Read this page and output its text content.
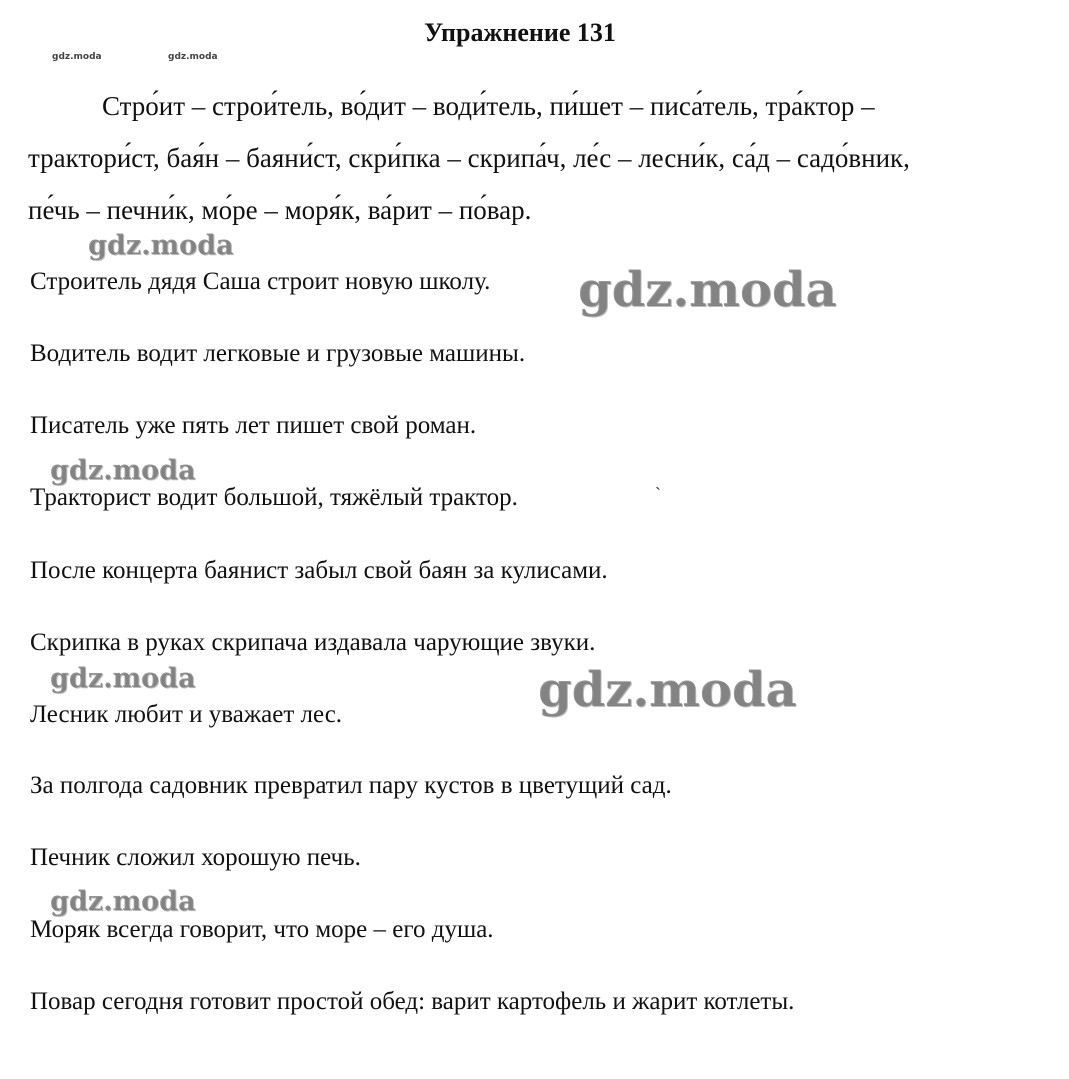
Упражнение 131
gdz.moda	gdz.moda
Стро́ит – строи́тель, во́дит – води́тель, пи́шет – писа́тель, тра́ктор –
трактори́ст, бая́н – баяни́ст, скри́пка – скрипа́ч, ле́с – лесни́к, са́д – садо́вник,
пе́чь – печни́к, мо́ре – моря́к, ва́рит – по́вар.
Строитель дядя Саша строит новую школу.
Водитель водит легковые и грузовые машины.
Писатель уже пять лет пишет свой роман.
Тракторист водит большой, тяжёлый трактор.
После концерта баянист забыл свой баян за кулисами.
Скрипка в руках скрипача издавала чарующие звуки.
Лесник любит и уважает лес.
За полгода садовник превратил пару кустов в цветущий сад.
Печник сложил хорошую печь.
Моряк всегда говорит, что море – его душа.
Повар сегодня готовит простой обед: варит картофель и жарит котлеты.
gdz.moda
gdz.moda
gdz.moda
gdz.moda	gdz.moda
gdz.moda
`
